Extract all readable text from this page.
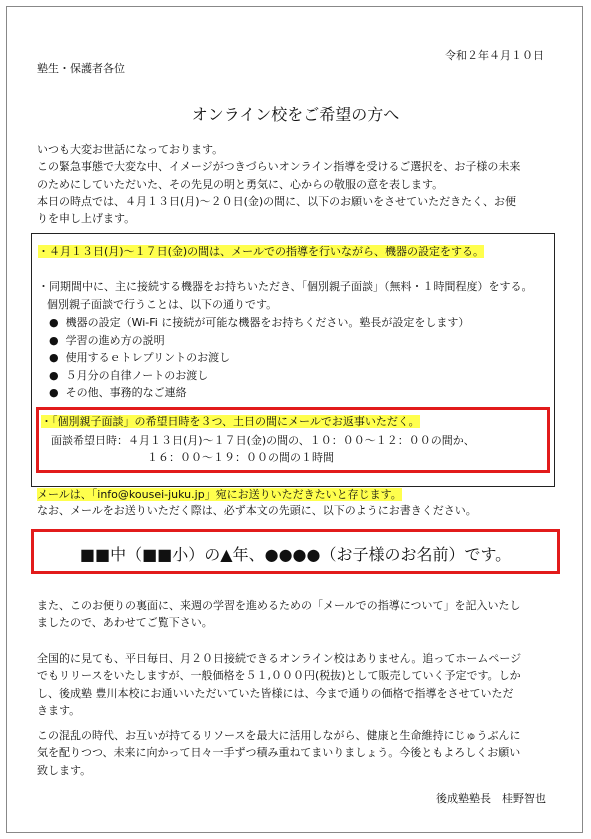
令和２年４月１０日
塾生・保護者各位
オンライン校をご希望の方へ
いつも大変お世話になっております。
この緊急事態で大変な中、イメージがつきづらいオンライン指導を受けるご選択を、お子様の未来
のためにしていただいた、その先見の明と勇気に、心からの敬服の意を表します。
本日の時点では、４月１３日(月)～２０日(金)の間に、以下のお願いをさせていただきたく、お便
りを申し上げます。
・４月１３日(月)～１７日(金)の間は、メールでの指導を行いながら、機器の設定をする。
・同期間中に、主に接続する機器をお持ちいただき、「個別親子面談」（無料・１時間程度）をする。
個別親子面談で行うことは、以下の通りです。
● 機器の設定（Wi-Fi に接続が可能な機器をお持ちください。塾長が設定をします）
● 学習の進め方の説明
● 使用するｅトレプリントのお渡し
● ５月分の自律ノートのお渡し
● その他、事務的なご連絡
・「個別親子面談」の希望日時を３つ、土日の間にメールでお返事いただく。
面談希望日時：４月１３日(月)～１７日(金)の間の、１０：００～１２：００の間か、
１６：００～１９：００の間の１時間
メールは、「info@kousei-juku.jp」宛にお送りいただきたいと存じます。
なお、メールをお送りいただく際は、必ず本文の先頭に、以下のようにお書きください。
■■中（■■小）の▲年、●●●●（お子様のお名前）です。
また、このお便りの裏面に、来週の学習を進めるための「メールでの指導について」を記入いたし
ましたので、あわせてご覧下さい。
全国的に見ても、平日毎日、月２０日接続できるオンライン校はありません。追ってホームページ
でもリリースをいたしますが、一般価格を５１,０００円(税抜)として販売していく予定です。しか
し、後成塾 豊川本校にお通いいただいていた皆様には、今まで通りの価格で指導をさせていただ
きます。
この混乱の時代、お互いが持てるリソースを最大に活用しながら、健康と生命維持にじゅうぶんに
気を配りつつ、未来に向かって日々一手ずつ積み重ねてまいりましょう。今後ともよろしくお願い
致します。
後成塾塾長　桂野智也
